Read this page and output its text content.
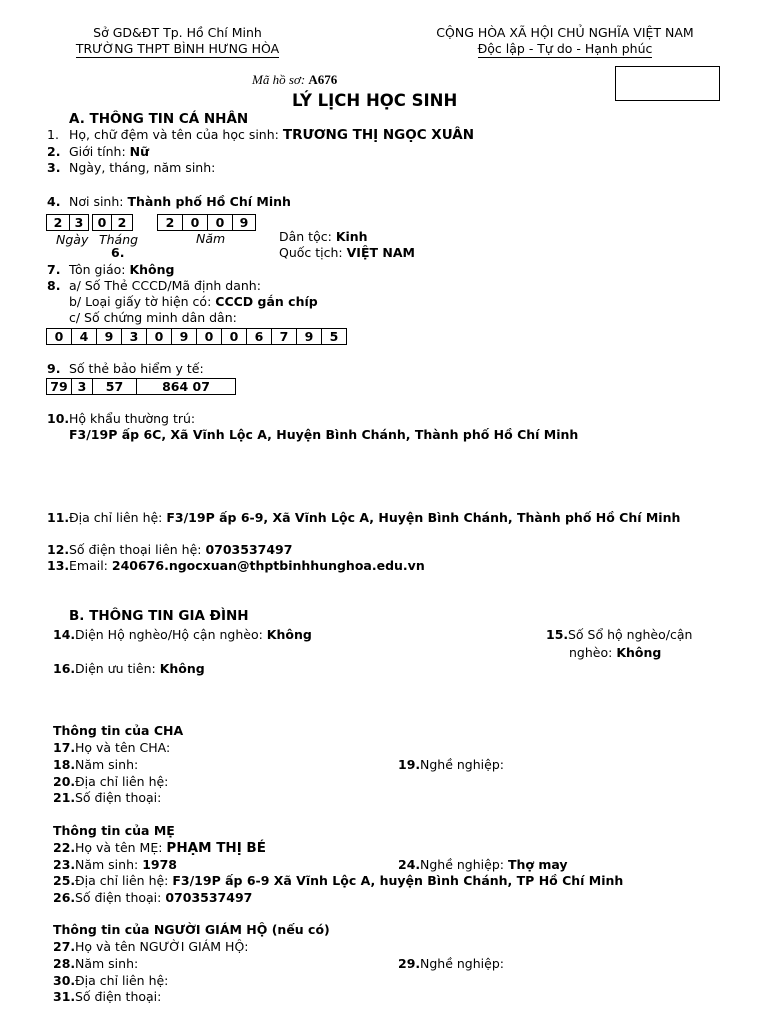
Sở GD&ĐT Tp. Hồ Chí Minh
TRƯỜNG THPT BÌNH HƯNG HÒA
CỘNG HÒA XÃ HỘI CHỦ NGHĨA VIỆT NAM
Độc lập - Tự do - Hạnh phúc
Mã hồ sơ: A676
LÝ LỊCH HỌC SINH
A. THÔNG TIN CÁ NHÂN
1. Họ, chữ đệm và tên của học sinh: TRƯƠNG THỊ NGỌC XUÂN
2. Giới tính: Nữ
3. Ngày, tháng, năm sinh:
4. Nơi sinh: Thành phố Hồ Chí Minh
2 3	0 2	2	0	0	9
Ngày Tháng	Năm	Dân tộc: Kinh
6.	Quốc tịch: VIỆT NAM
7. Tôn giáo: Không
8. a/ Số Thẻ CCCD/Mã định danh:
b/ Loại giấy tờ hiện có: CCCD gắn chíp
c/ Số chứng minh dân dân:
0	4	9	3	0	9	0	0	6	7	9	5
9. Số thẻ bảo hiểm y tế:
79 3	57	864 07
10.Hộ khẩu thường trú:
F3/19P ấp 6C, Xã Vĩnh Lộc A, Huyện Bình Chánh, Thành phố Hồ Chí Minh
11.Địa chỉ liên hệ: F3/19P ấp 6-9, Xã Vĩnh Lộc A, Huyện Bình Chánh, Thành phố Hồ Chí Minh
12.Số điện thoại liên hệ: 0703537497
13.Email: 240676.ngocxuan@thptbinhhunghoa.edu.vn
B. THÔNG TIN GIA ĐÌNH
14.Diện Hộ nghèo/Hộ cận nghèo: Không	15.Số Sổ hộ nghèo/cận
nghèo: Không
16.Diện ưu tiên: Không
Thông tin của CHA
17.Họ và tên CHA:
18.Năm sinh:	19.Nghề nghiệp:
20.Địa chỉ liên hệ:
21.Số điện thoại:
Thông tin của MẸ
22.Họ và tên MẸ: PHẠM THỊ BÉ
23.Năm sinh: 1978	24.Nghề nghiệp: Thợ may
25.Địa chỉ liên hệ: F3/19P ấp 6-9 Xã Vĩnh Lộc A, huyện Bình Chánh, TP Hồ Chí Minh
26.Số điện thoại: 0703537497
Thông tin của NGƯỜI GIÁM HỘ (nếu có)
27.Họ và tên NGƯỜI GIÁM HỘ:
28.Năm sinh:	29.Nghề nghiệp:
30.Địa chỉ liên hệ:
31.Số điện thoại:
